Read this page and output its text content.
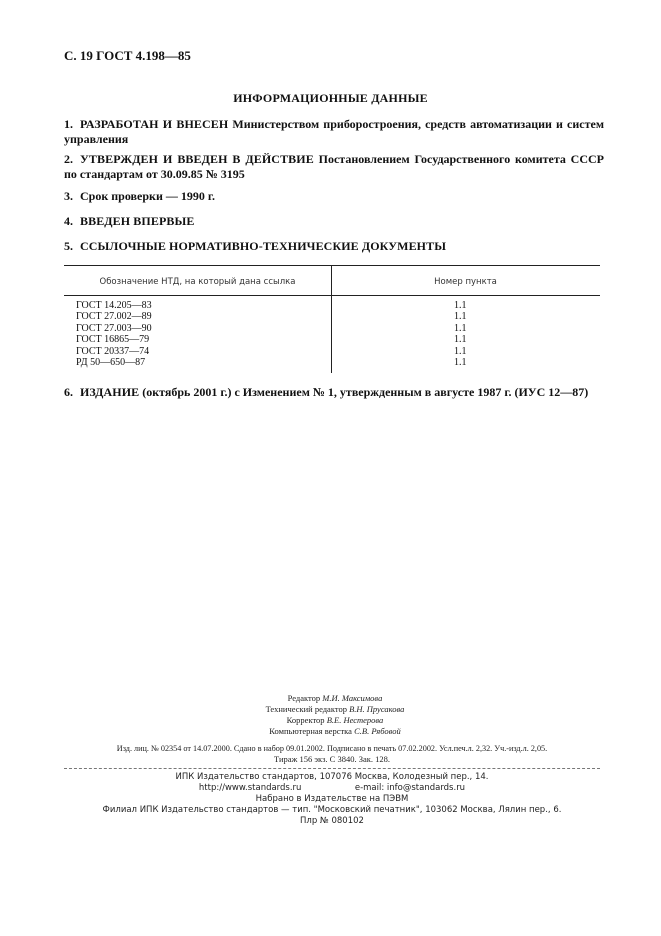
С. 19 ГОСТ 4.198—85
ИНФОРМАЦИОННЫЕ ДАННЫЕ
1. РАЗРАБОТАН И ВНЕСЕН Министерством приборостроения, средств автоматизации и систем управления
2. УТВЕРЖДЕН И ВВЕДЕН В ДЕЙСТВИЕ Постановлением Государственного комитета СССР по стандартам от 30.09.85 № 3195
3. Срок проверки — 1990 г.
4. ВВЕДЕН ВПЕРВЫЕ
5. ССЫЛОЧНЫЕ НОРМАТИВНО-ТЕХНИЧЕСКИЕ ДОКУМЕНТЫ
Обозначение НТД, на который дана ссылка	Номер пункта
ГОСТ 14.205—83
ГОСТ 27.002—89
ГОСТ 27.003—90
ГОСТ 16865—79
ГОСТ 20337—74
РД 50—650—87
1.1
1.1
1.1
1.1
1.1
1.1
6. ИЗДАНИЕ (октябрь 2001 г.) с Изменением № 1, утвержденным в августе 1987 г. (ИУС 12—87)
Редактор М.И. Максимова
Технический редактор В.Н. Прусакова
Корректор В.Е. Нестерова
Компьютерная верстка С.В. Рябовой
Изд. лиц. № 02354 от 14.07.2000. Сдано в набор 09.01.2002. Подписано в печать 07.02.2002. Усл.печ.л. 2,32. Уч.-изд.л. 2,05.
Тираж 156 экз. С 3840. Зак. 128.
ИПК Издательство стандартов, 107076 Москва, Колодезный пер., 14.
http://www.standards.ru	e-mail: info@standards.ru
Набрано в Издательстве на ПЭВМ
Филиал ИПК Издательство стандартов — тип. "Московский печатник", 103062 Москва, Лялин пер., 6.
Плр № 080102
